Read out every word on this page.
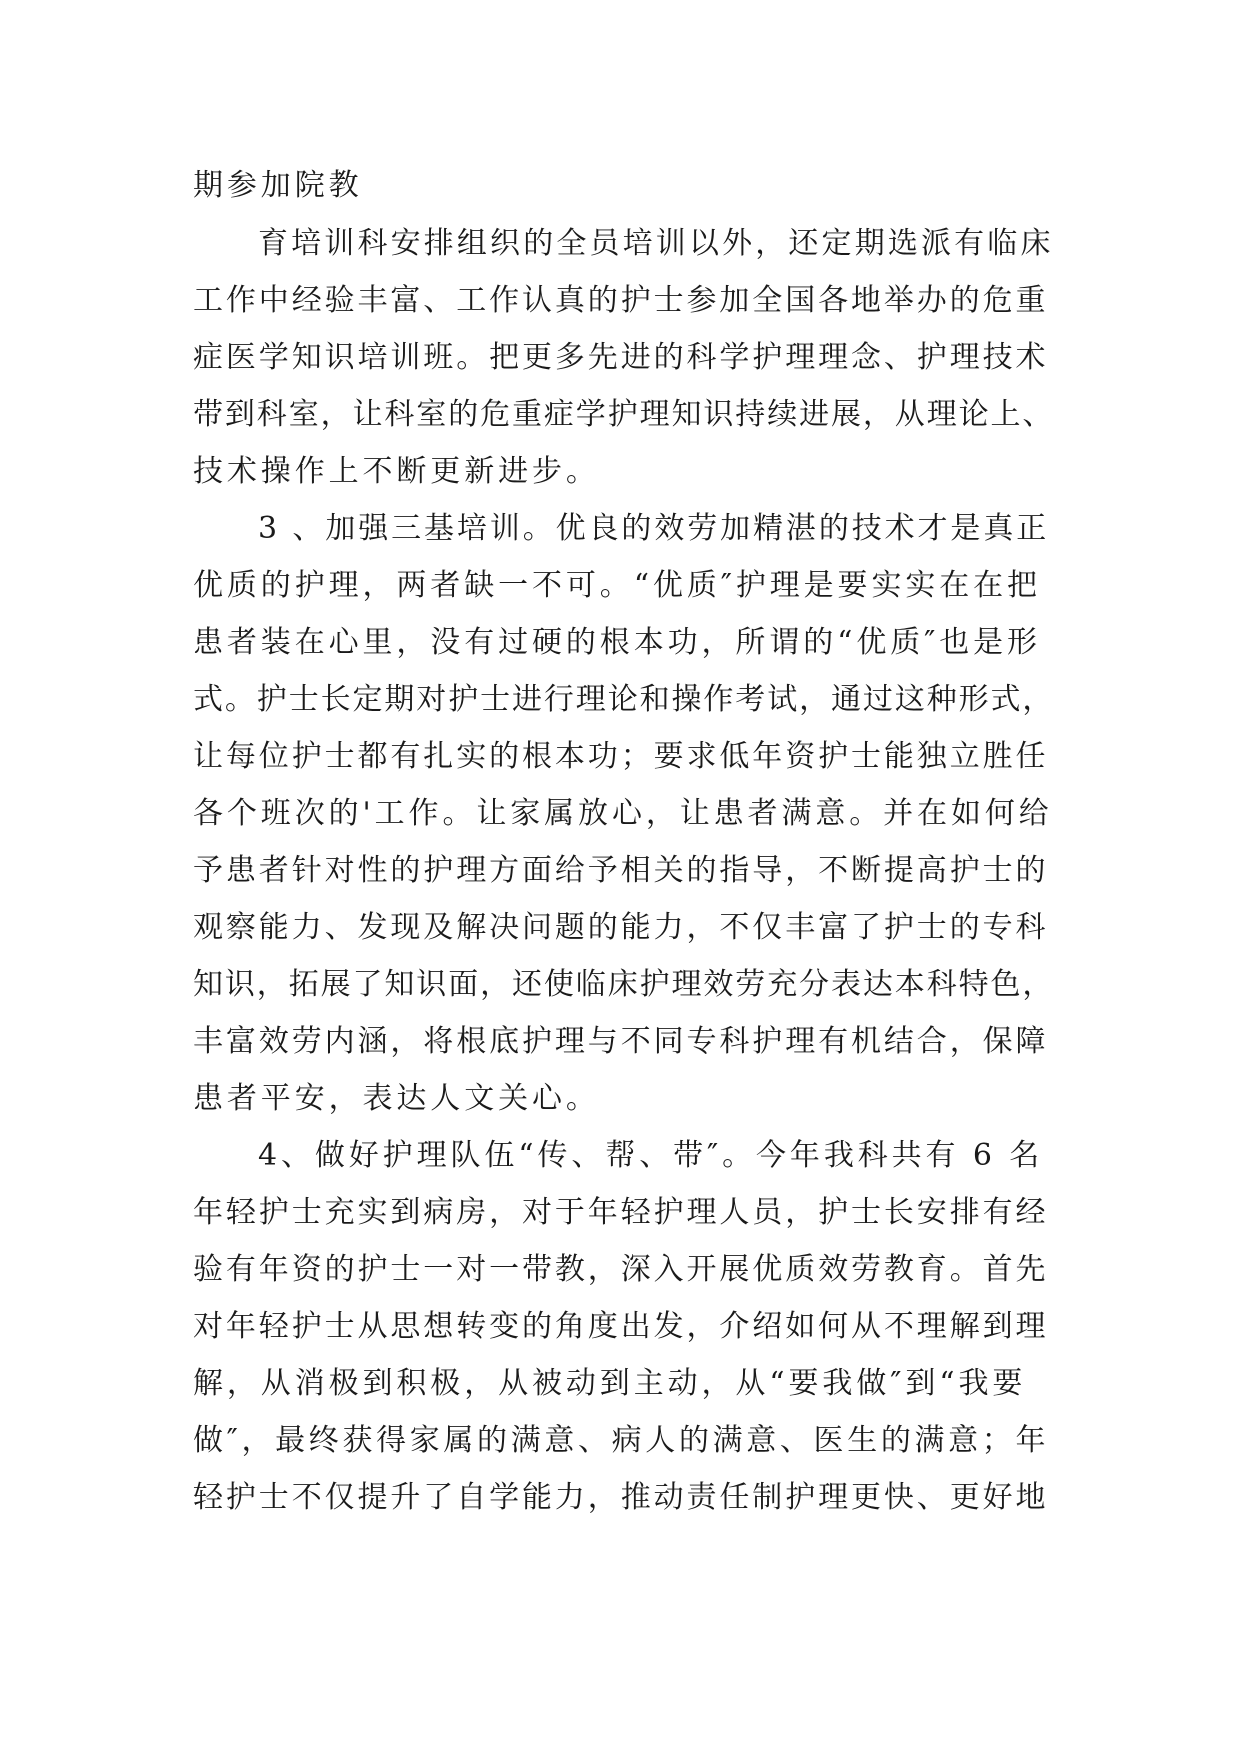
期参加院教
育培训科安排组织的全员培训以外，还定期选派有临床
工作中经验丰富、工作认真的护士参加全国各地举办的危重
症医学知识培训班。把更多先进的科学护理理念、护理技术
带到科室，让科室的危重症学护理知识持续进展，从理论上、
技术操作上不断更新进步。
3 、加强三基培训。优良的效劳加精湛的技术才是真正
优质的护理，两者缺一不可。“优质″护理是要实实在在把
患者装在心里，没有过硬的根本功，所谓的“优质″也是形
式。护士长定期对护士进行理论和操作考试，通过这种形式，
让每位护士都有扎实的根本功；要求低年资护士能独立胜任
各个班次的'工作。让家属放心，让患者满意。并在如何给
予患者针对性的护理方面给予相关的指导，不断提高护士的
观察能力、发现及解决问题的能力，不仅丰富了护士的专科
知识，拓展了知识面，还使临床护理效劳充分表达本科特色，
丰富效劳内涵，将根底护理与不同专科护理有机结合，保障
患者平安，表达人文关心。
4、做好护理队伍“传、帮、带″。今年我科共有 6 名
年轻护士充实到病房，对于年轻护理人员，护士长安排有经
验有年资的护士一对一带教，深入开展优质效劳教育。首先
对年轻护士从思想转变的角度出发，介绍如何从不理解到理
解，从消极到积极，从被动到主动，从“要我做″到“我要
做″，最终获得家属的满意、病人的满意、医生的满意；年
轻护士不仅提升了自学能力，推动责任制护理更快、更好地
